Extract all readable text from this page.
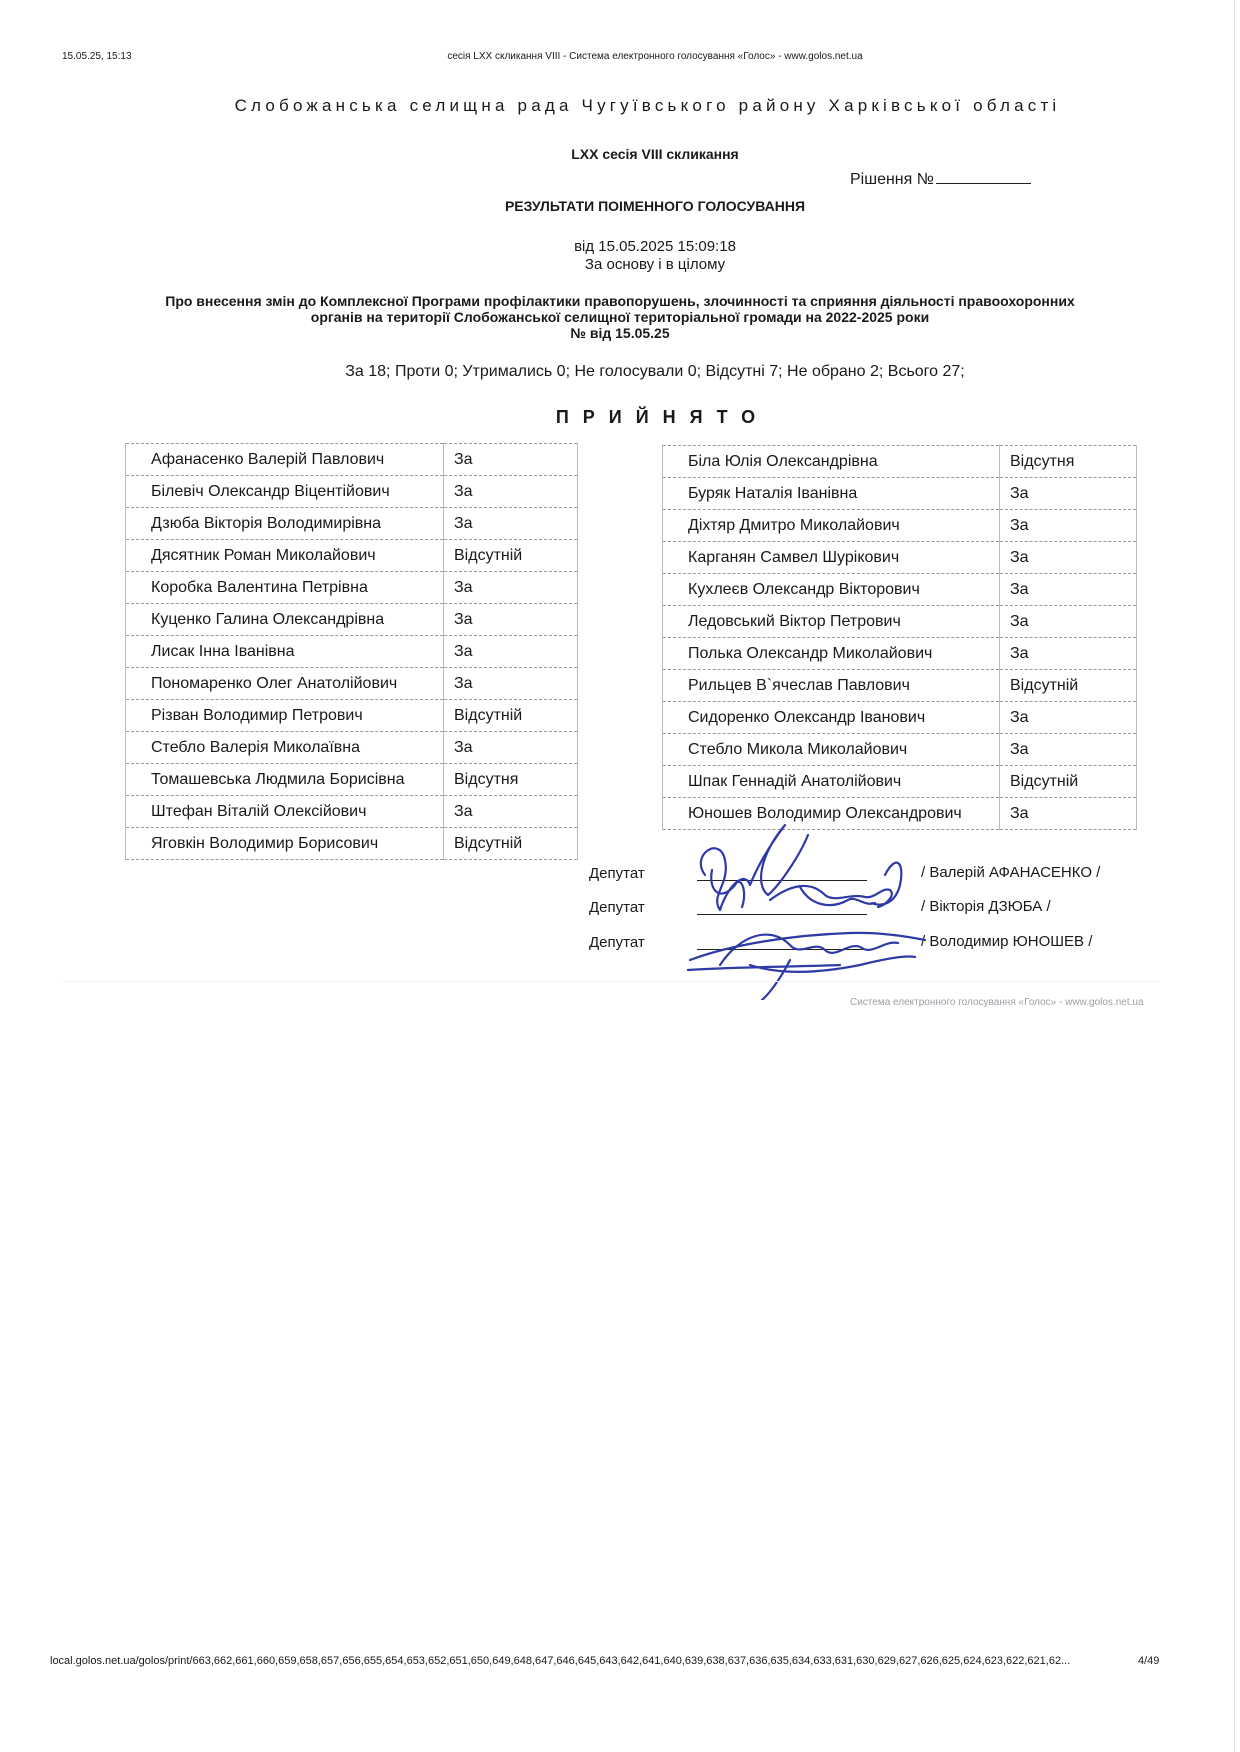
15.05.25, 15:13	сесія LXX скликання VIII - Система електронного голосування «Голос» - www.golos.net.ua
Слобожанська селищна рада Чугуївського району Харківської області
LXX сесія VIII скликання
Рішення №
РЕЗУЛЬТАТИ ПОІМЕННОГО ГОЛОСУВАННЯ
від 15.05.2025 15:09:18
За основу і в цілому
Про внесення змін до Комплексної Програми профілактики правопорушень, злочинності та сприяння діяльності правоохоронних
органів на території Слобожанської селищної територіальної громади на 2022-2025 роки
№ від 15.05.25
За 18; Проти 0; Утримались 0; Не голосували 0; Відсутні 7; Не обрано 2; Всього 27;
ПРИЙНЯТО
Афанасенко Валерій Павлович	За
Білевіч Олександр Віцентійович	За
Дзюба Вікторія Володимирівна	За
Дясятник Роман Миколайович	Відсутній
Коробка Валентина Петрівна	За
Куценко Галина Олександрівна	За
Лисак Інна Іванівна	За
Пономаренко Олег Анатолійович	За
Різван Володимир Петрович	Відсутній
Стебло Валерія Миколаївна	За
Томашевська Людмила Борисівна	Відсутня
Штефан Віталій Олексійович	За
Яговкін Володимир Борисович	Відсутній
Біла Юлія Олександрівна	Відсутня
Буряк Наталія Іванівна	За
Діхтяр Дмитро Миколайович	За
Карганян Самвел Шурікович	За
Кухлеєв Олександр Вікторович	За
Ледовський Віктор Петрович	За
Полька Олександр Миколайович	За
Рильцев В`ячеслав Павлович	Відсутній
Сидоренко Олександр Іванович	За
Стебло Микола Миколайович	За
Шпак Геннадій Анатолійович	Відсутній
Юношев Володимир Олександрович	За
Депутат	/ Валерій АФАНАСЕНКО /
Депутат	/ Вікторія ДЗЮБА /
Депутат	/ Володимир ЮНОШЕВ /
Система електронного голосування «Голос» - www.golos.net.ua
local.golos.net.ua/golos/print/663,662,661,660,659,658,657,656,655,654,653,652,651,650,649,648,647,646,645,643,642,641,640,639,638,637,636,635,634,633,631,630,629,627,626,625,624,623,622,621,62...	4/49
